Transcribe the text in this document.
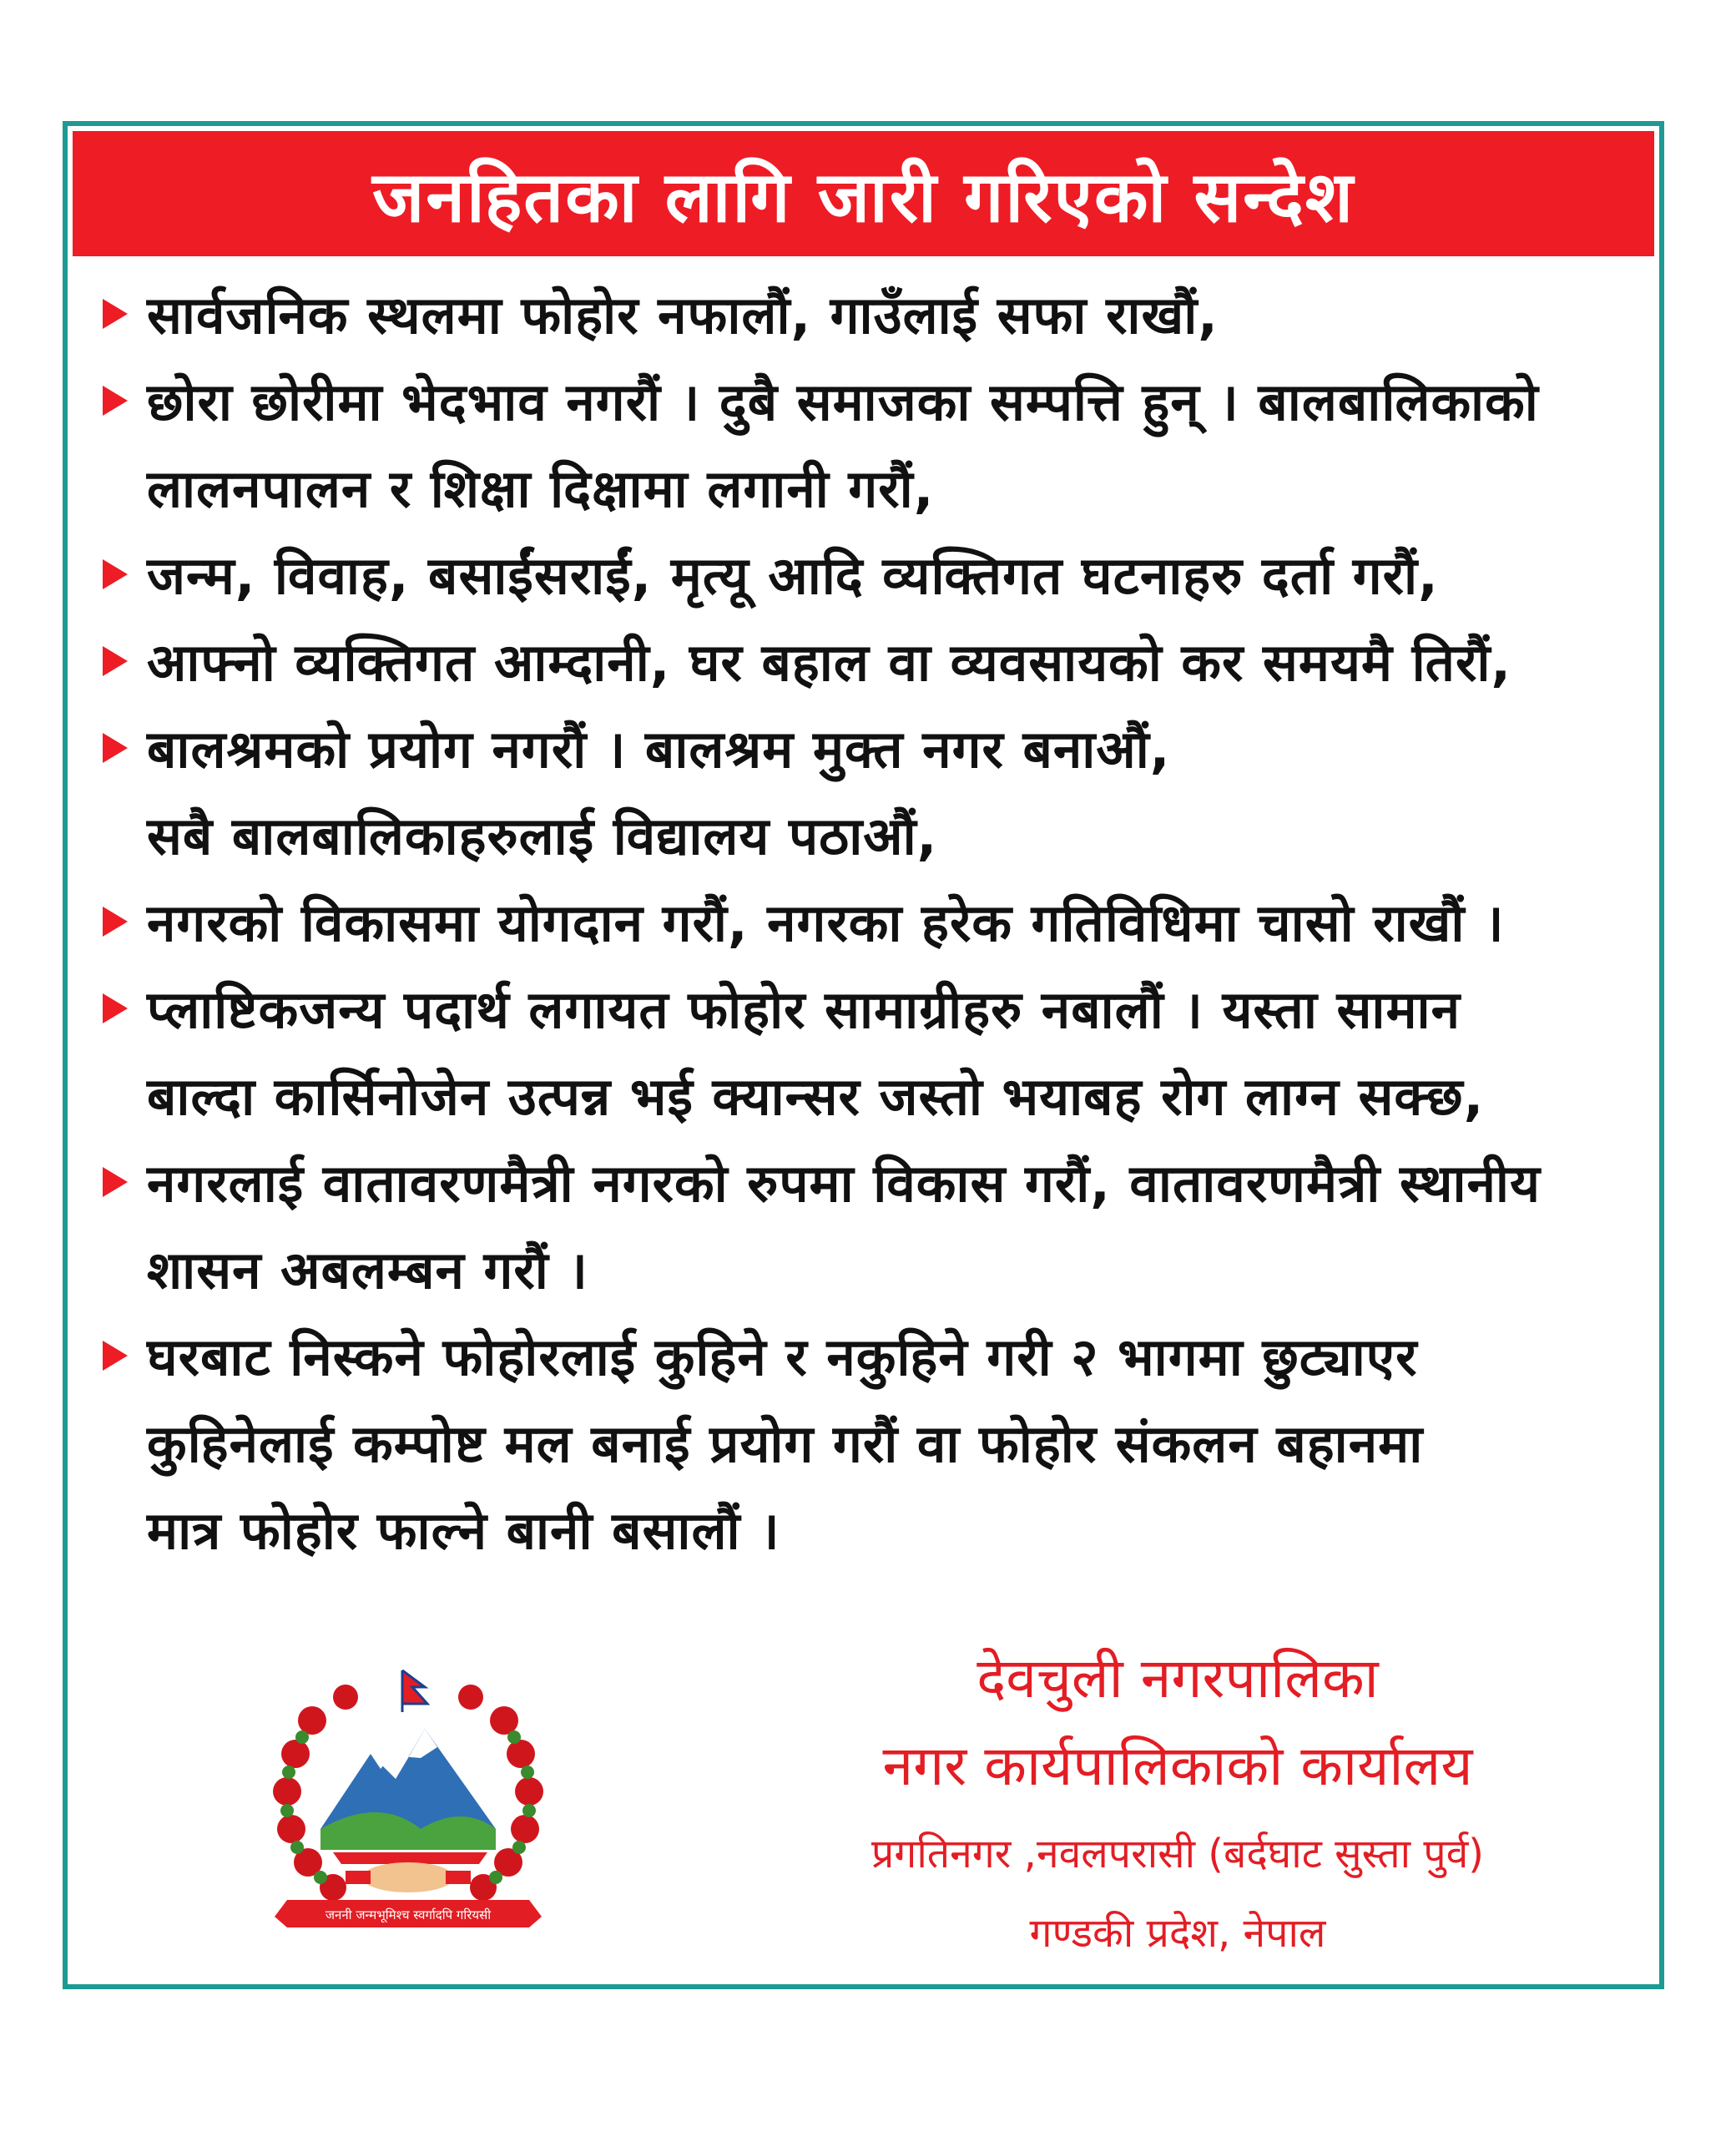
जनहितका लागि जारी गरिएको सन्देश
सार्वजनिक स्थलमा फोहोर नफालौं, गाउँलाई सफा राखौं,
छोरा छोरीमा भेदभाव नगरौं । दुबै समाजका सम्पत्ति हुन् । बालबालिकाको
लालनपालन र शिक्षा दिक्षामा लगानी गरौं,
जन्म, विवाह, बसाईंसराईं, मृत्यू आदि व्यक्तिगत घटनाहरु दर्ता गरौं,
आफ्नो व्यक्तिगत आम्दानी, घर बहाल वा व्यवसायको कर समयमै तिरौं,
बालश्रमको प्रयोग नगरौं । बालश्रम मुक्त नगर बनाऔं,
सबै बालबालिकाहरुलाई विद्यालय पठाऔं,
नगरको विकासमा योगदान गरौं, नगरका हरेक गतिविधिमा चासो राखौं ।
प्लाष्टिकजन्य पदार्थ लगायत फोहोर सामाग्रीहरु नबालौं । यस्ता सामान
बाल्दा कार्सिनोजेन उत्पन्न भई क्यान्सर जस्तो भयाबह रोग लाग्न सक्छ,
नगरलाई वातावरणमैत्री नगरको रुपमा विकास गरौं, वातावरणमैत्री स्थानीय
शासन अबलम्बन गरौं ।
घरबाट निस्कने फोहोरलाई कुहिने र नकुहिने गरी २ भागमा छुट्याएर
कुहिनेलाई कम्पोष्ट मल बनाई प्रयोग गरौं वा फोहोर संकलन बहानमा
मात्र फोहोर फाल्ने बानी बसालौं ।
जननी जन्मभूमिश्च स्वर्गादपि गरियसी
देवचुली नगरपालिका
नगर कार्यपालिकाको कार्यालय
प्रगतिनगर ,नवलपरासी (बर्दघाट सुस्ता पुर्व)
गण्डकी प्रदेश, नेपाल
